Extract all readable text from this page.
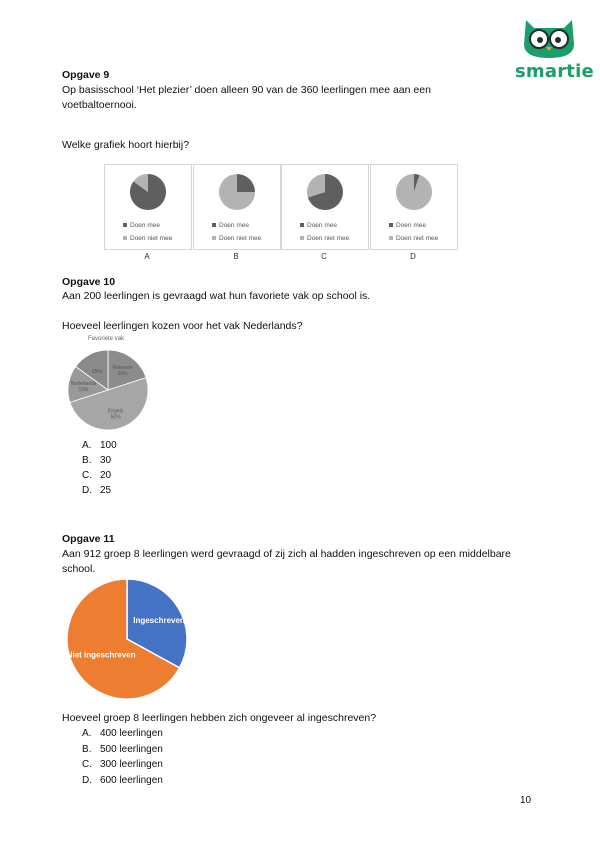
smartie
Opgave 9
Op basisschool ‘Het plezier’ doen alleen 90 van de 360 leerlingen mee aan een
voetbaltoernooi.
Welke grafiek hoort hierbij?
Doen mee
Doen niet mee
A
Doen mee
Doen niet mee
B
Doen mee
Doen niet mee
C
Doen mee
Doen niet mee
D
Opgave 10
Aan 200 leerlingen is gevraagd wat hun favoriete vak op school is.
Hoeveel leerlingen kozen voor het vak Nederlands?
Favoriete vak
Rekenen
20%
Engels
50%
Nederlands
15%
15%
A. 100
B. 30
C. 20
D. 25
Opgave 11
Aan 912 groep 8 leerlingen werd gevraagd of zij zich al hadden ingeschreven op een middelbare
school.
Ingeschreven
Niet ingeschreven
Hoeveel groep 8 leerlingen hebben zich ongeveer al ingeschreven?
A. 400 leerlingen
B. 500 leerlingen
C. 300 leerlingen
D. 600 leerlingen
10
